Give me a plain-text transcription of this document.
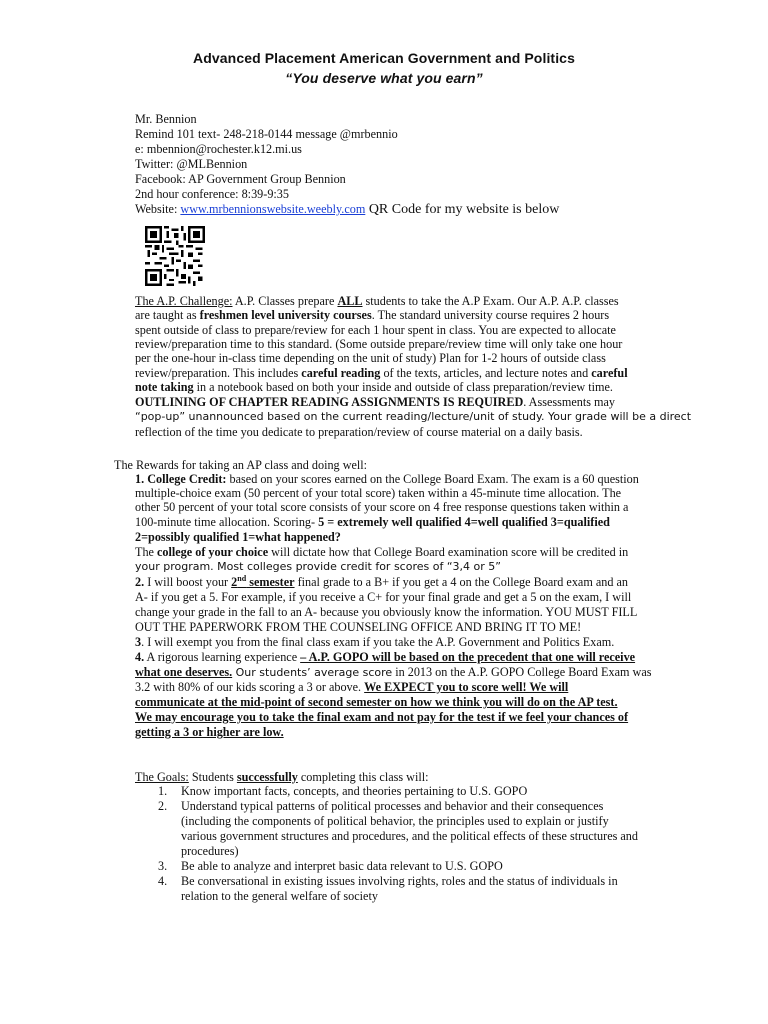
Advanced Placement American Government and Politics
“You deserve what you earn”
Mr. Bennion
Remind 101 text- 248-218-0144 message @mrbennio
e: mbennion@rochester.k12.mi.us
Twitter: @MLBennion
Facebook: AP Government Group Bennion
2nd hour conference: 8:39-9:35
Website: www.mrbennionswebsite.weebly.com QR Code for my website is below
The A.P. Challenge: A.P. Classes prepare ALL students to take the A.P Exam. Our A.P. A.P. classes
are taught as freshmen level university courses. The standard university course requires 2 hours
spent outside of class to prepare/review for each 1 hour spent in class. You are expected to allocate
review/preparation time to this standard. (Some outside prepare/review time will only take one hour
per the one-hour in-class time depending on the unit of study) Plan for 1-2 hours of outside class
review/preparation. This includes careful reading of the texts, articles, and lecture notes and careful
note taking in a notebook based on both your inside and outside of class preparation/review time.
OUTLINING OF CHAPTER READING ASSIGNMENTS IS REQUIRED. Assessments may
“pop-up” unannounced based on the current reading/lecture/unit of study. Your grade will be a direct
reflection of the time you dedicate to preparation/review of course material on a daily basis.
The Rewards for taking an AP class and doing well:
1. College Credit: based on your scores earned on the College Board Exam. The exam is a 60 question
multiple-choice exam (50 percent of your total score) taken within a 45-minute time allocation. The
other 50 percent of your total score consists of your score on 4 free response questions taken within a
100-minute time allocation. Scoring- 5 = extremely well qualified 4=well qualified 3=qualified
2=possibly qualified 1=what happened?
The college of your choice will dictate how that College Board examination score will be credited in
your program. Most colleges provide credit for scores of “3,4 or 5”
2. I will boost your 2nd semester final grade to a B+ if you get a 4 on the College Board exam and an
A- if you get a 5. For example, if you receive a C+ for your final grade and get a 5 on the exam, I will
change your grade in the fall to an A- because you obviously know the information. YOU MUST FILL
OUT THE PAPERWORK FROM THE COUNSELING OFFICE AND BRING IT TO ME!
3. I will exempt you from the final class exam if you take the A.P. Government and Politics Exam.
4. A rigorous learning experience – A.P. GOPO will be based on the precedent that one will receive
what one deserves. Our students’ average score in 2013 on the A.P. GOPO College Board Exam was
3.2 with 80% of our kids scoring a 3 or above. We EXPECT you to score well! We will
communicate at the mid-point of second semester on how we think you will do on the AP test.
We may encourage you to take the final exam and not pay for the test if we feel your chances of
getting a 3 or higher are low.
The Goals: Students successfully completing this class will:
1. Know important facts, concepts, and theories pertaining to U.S. GOPO
2. Understand typical patterns of political processes and behavior and their consequences
(including the components of political behavior, the principles used to explain or justify
various government structures and procedures, and the political effects of these structures and
procedures)
3. Be able to analyze and interpret basic data relevant to U.S. GOPO
4. Be conversational in existing issues involving rights, roles and the status of individuals in
relation to the general welfare of society
